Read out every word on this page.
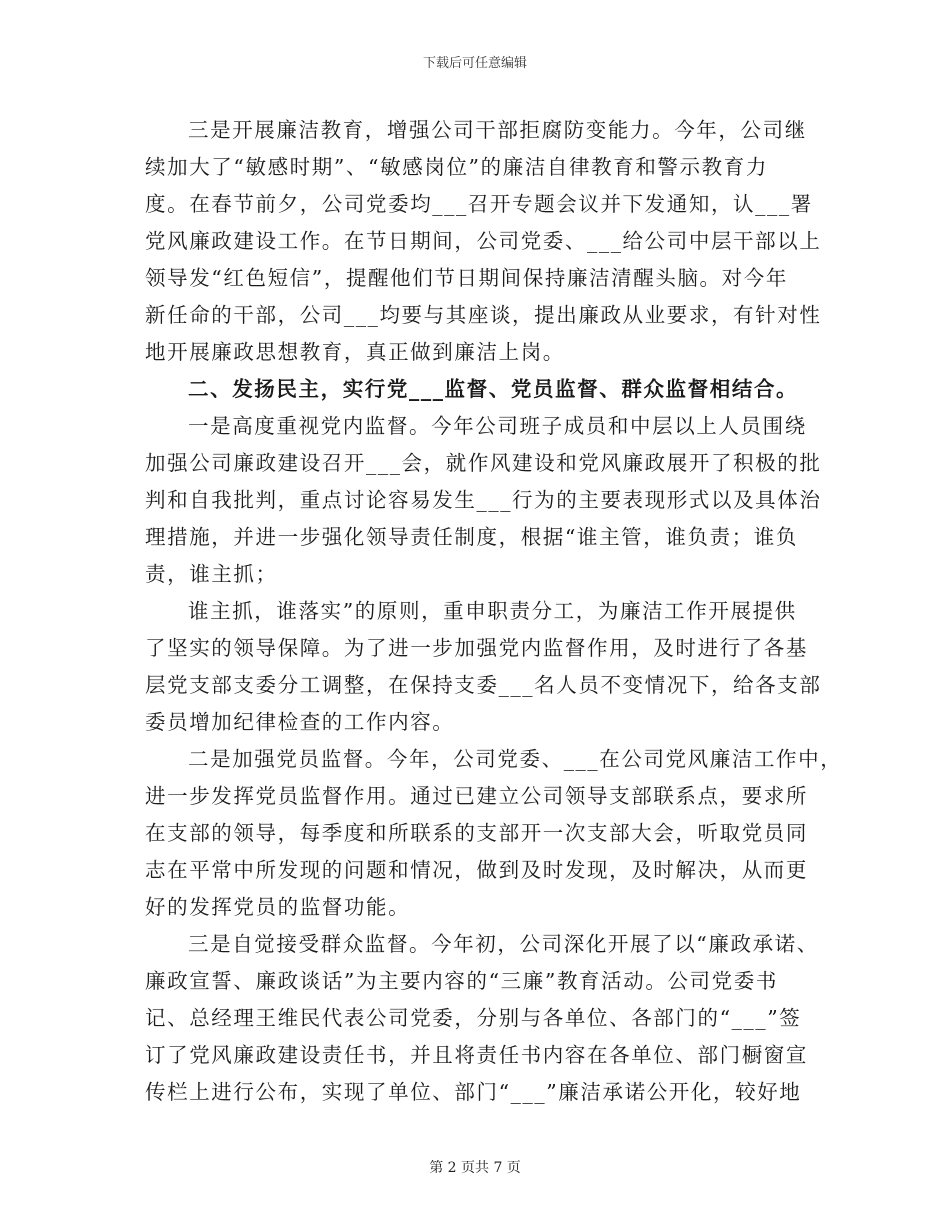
下载后可任意编辑
三是开展廉洁教育，增强公司干部拒腐防变能力。今年，公司继
续加大了“敏感时期”、“敏感岗位”的廉洁自律教育和警示教育力
度。在春节前夕，公司党委均___召开专题会议并下发通知，认___署
党风廉政建设工作。在节日期间，公司党委、___给公司中层干部以上
领导发“红色短信”，提醒他们节日期间保持廉洁清醒头脑。对今年
新任命的干部，公司___均要与其座谈，提出廉政从业要求，有针对性
地开展廉政思想教育，真正做到廉洁上岗。
二、发扬民主，实行党___监督、党员监督、群众监督相结合。
一是高度重视党内监督。今年公司班子成员和中层以上人员围绕
加强公司廉政建设召开___会，就作风建设和党风廉政展开了积极的批
判和自我批判，重点讨论容易发生___行为的主要表现形式以及具体治
理措施，并进一步强化领导责任制度，根据“谁主管，谁负责；谁负
责，谁主抓；
谁主抓，谁落实”的原则，重申职责分工，为廉洁工作开展提供
了坚实的领导保障。为了进一步加强党内监督作用，及时进行了各基
层党支部支委分工调整，在保持支委___名人员不变情况下，给各支部
委员增加纪律检查的工作内容。
二是加强党员监督。今年，公司党委、___在公司党风廉洁工作中，
进一步发挥党员监督作用。通过已建立公司领导支部联系点，要求所
在支部的领导，每季度和所联系的支部开一次支部大会，听取党员同
志在平常中所发现的问题和情况，做到及时发现，及时解决，从而更
好的发挥党员的监督功能。
三是自觉接受群众监督。今年初，公司深化开展了以“廉政承诺、
廉政宣誓、廉政谈话”为主要内容的“三廉”教育活动。公司党委书
记、总经理王维民代表公司党委，分别与各单位、各部门的“___”签
订了党风廉政建设责任书，并且将责任书内容在各单位、部门橱窗宣
传栏上进行公布，实现了单位、部门“___”廉洁承诺公开化，较好地
第 2 页共 7 页
